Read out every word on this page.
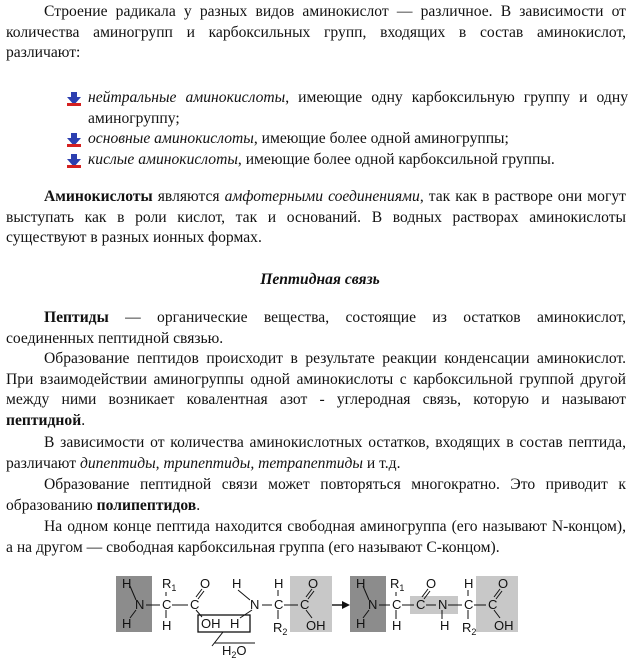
Строение радикала у разных видов аминокислот — различное. В зависимости от количества аминогрупп и карбоксильных групп, входящих в состав аминокислот, различают:

нейтральные аминокислоты, имеющие одну карбоксильную группу и одну аминогруппу;

основные аминокислоты, имеющие более одной аминогруппы;

кислые аминокислоты, имеющие более одной карбоксильной группы.

Аминокислоты являются амфотерными соединениями, так как в растворе они могут выступать как в роли кислот, так и оснований. В водных растворах аминокислоты существуют в разных ионных формах.

Пептидная связь

Пептиды — органические вещества, состоящие из остатков аминокислот, соединенных пептидной связью.

Образование пептидов происходит в результате реакции конденсации аминокислот. При взаимодействии аминогруппы одной аминокислоты с карбоксильной группой другой между ними возникает ковалентная азот - углеродная связь, которую и называют пептидной.

В зависимости от количества аминокислотных остатков, входящих в состав пептида, различают дипептиды, трипептиды, тетрапептиды и т.д.

Образование пептидной связи может повторяться многократно. Это приводит к образованию полипептидов.

На одном конце пептида находится свободная аминогруппа (его называют N-концом), а на другом — свободная карбоксильная группа (его называют C-концом).

H
H
N C
$R_1$
H
C
O
OH H
$H_2O$
H
N
H
C
$R_2$
C
O
OH
H
H
N C
$R_1$
H
C
O
N
H
H
C
$R_2$
C
O
OH
